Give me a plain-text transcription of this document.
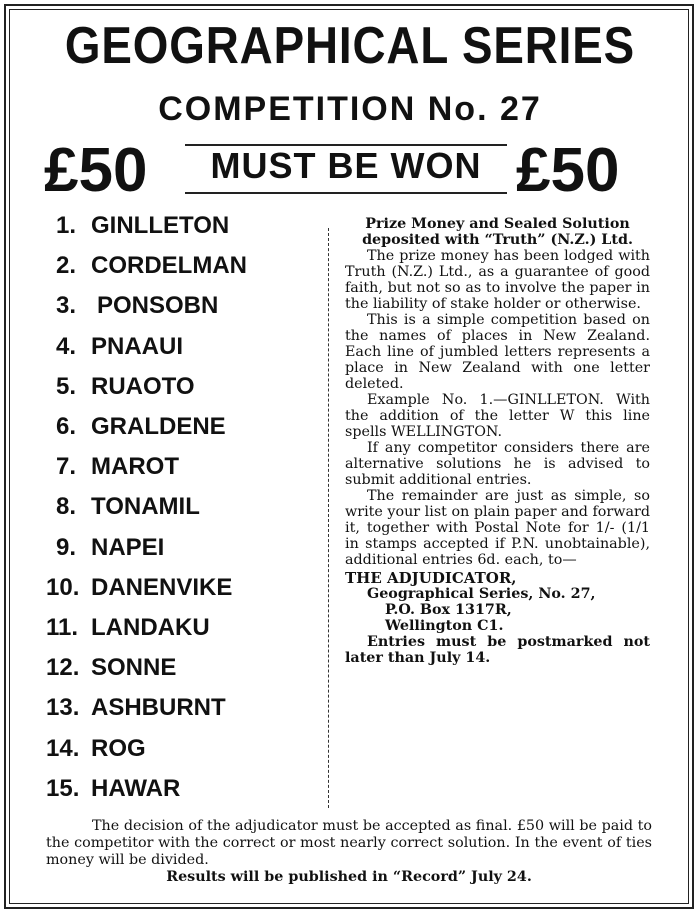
GEOGRAPHICAL SERIES
COMPETITION No. 27
£50	MUST BE WON £50
1. GINLLETON
2. CORDELMAN
3. PONSOBN
4. PNAAUI
5. RUAOTO
6. GRALDENE
7. MAROT
8. TONAMIL
9. NAPEI
10. DANENVIKE
11. LANDAKU
12. SONNE
13. ASHBURNT
14. ROG
15. HAWAR

Prize Money and Sealed Solution deposited with “Truth” (N.Z.) Ltd.

The prize money has been lodged with Truth (N.Z.) Ltd., as a guarantee of good faith, but not so as to involve the paper in the liability of stake holder or otherwise.

This is a simple competition based on the names of places in New Zealand. Each line of jumbled letters represents a place in New Zealand with one letter deleted.

Example No. 1.—GINLLETON. With the addition of the letter W this line spells WELLINGTON.

If any competitor considers there are alternative solutions he is advised to submit additional entries.

The remainder are just as simple, so write your list on plain paper and forward it, together with Postal Note for 1/- (1/1 in stamps accepted if P.N. unobtainable), additional entries 6d. each, to—

THE ADJUDICATOR,

Geographical Series, No. 27,

P.O. Box 1317R,

Wellington C1.

Entries must be postmarked not later than July 14.

The decision of the adjudicator must be accepted as final. £50 will be paid to the competitor with the correct or most nearly correct solution. In the event of ties money will be divided.

Results will be published in “Record” July 24.
